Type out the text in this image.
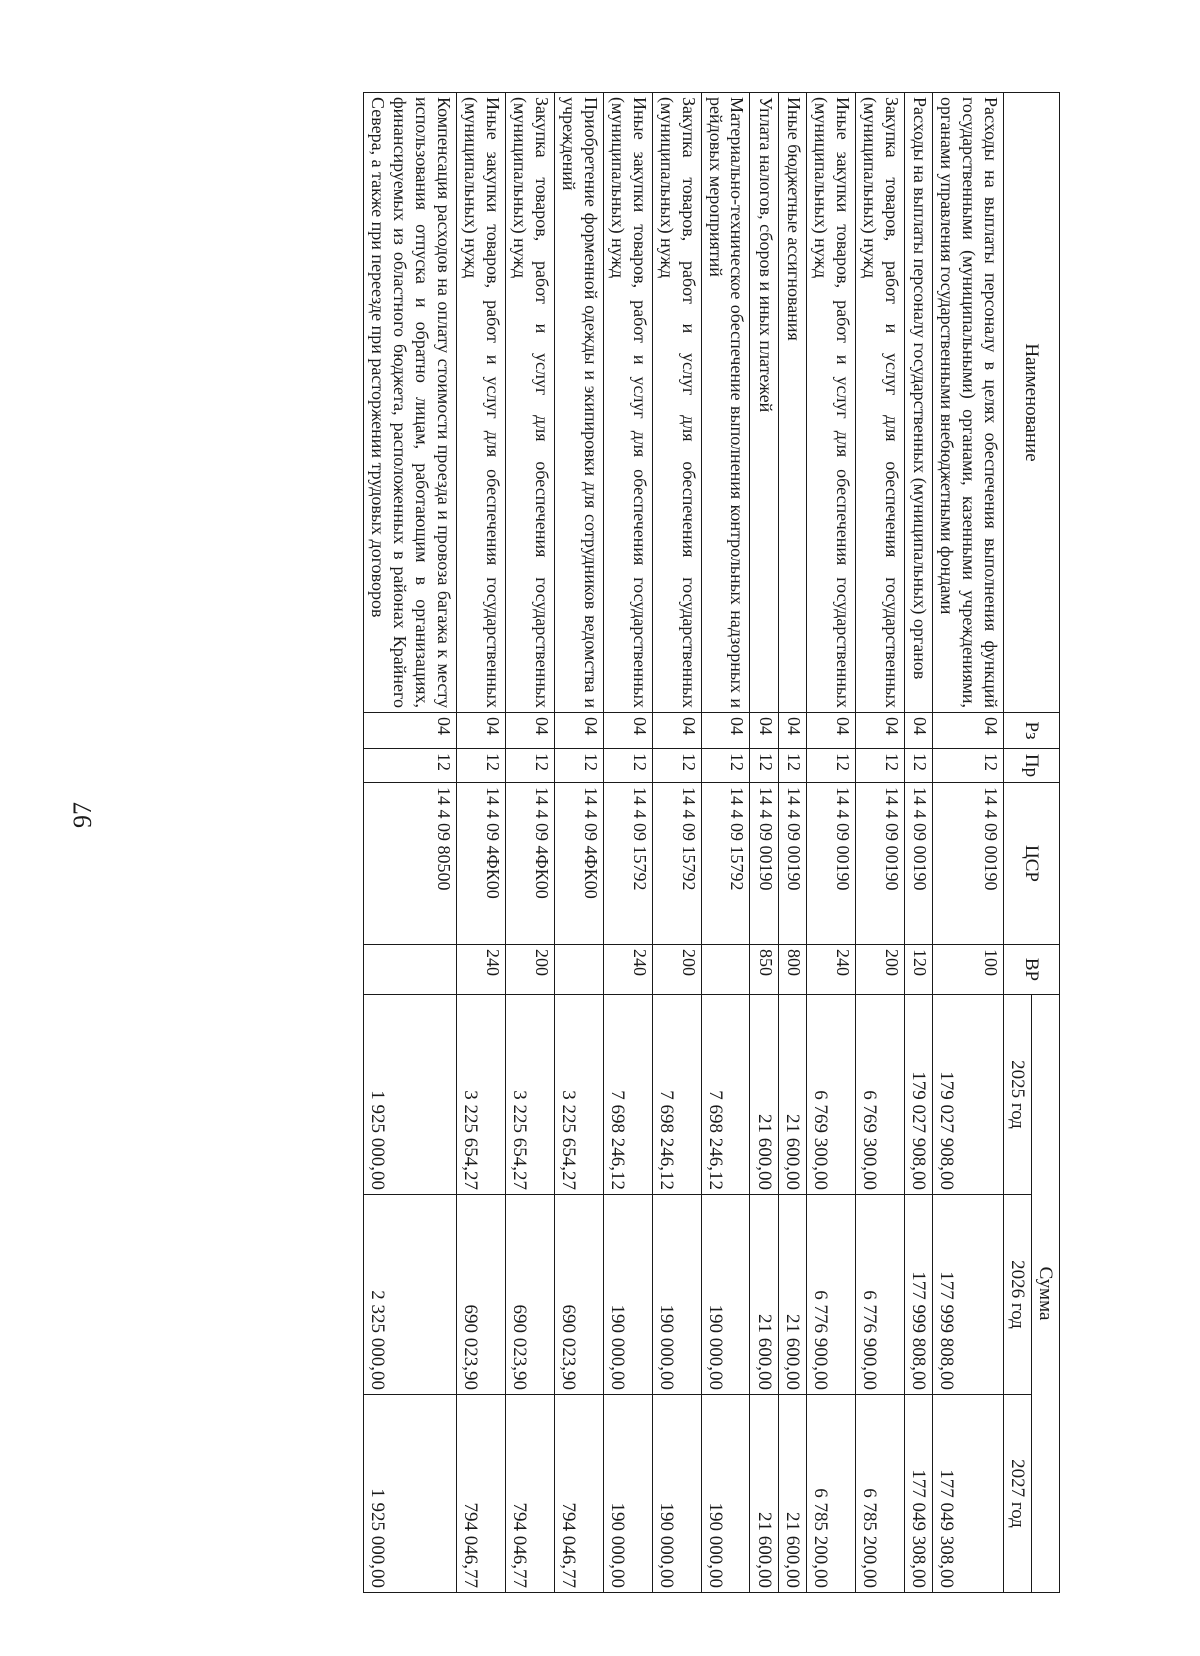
97
Наименование	Рз	Пр	ЦСР	ВР	Сумма		
					2025 год	2026 год	2027 год
Расходы на выплаты персоналу в целях обеспечения выполнения функций государственными (муниципальными) органами, казенными учреждениями, органами управления государственными внебюджетными фондами	04	12	14 4 09 00190	100	179 027 908,00	177 999 808,00	177 049 308,00
Расходы на выплаты персоналу государственных (муниципальных) органов	04	12	14 4 09 00190	120	179 027 908,00	177 999 808,00	177 049 308,00
Закупка товаров, работ и услуг для обеспечения государственных (муниципальных) нужд	04	12	14 4 09 00190	200	6 769 300,00	6 776 900,00	6 785 200,00
Иные закупки товаров, работ и услуг для обеспечения государственных (муниципальных) нужд	04	12	14 4 09 00190	240	6 769 300,00	6 776 900,00	6 785 200,00
Иные бюджетные ассигнования	04	12	14 4 09 00190	800	21 600,00	21 600,00	21 600,00
Уплата налогов, сборов и иных платежей	04	12	14 4 09 00190	850	21 600,00	21 600,00	21 600,00
Материально-техническое обеспечение выполнения контрольных надзорных и рейдовых мероприятий	04	12	14 4 09 15792		7 698 246,12	190 000,00	190 000,00
Закупка товаров, работ и услуг для обеспечения государственных (муниципальных) нужд	04	12	14 4 09 15792	200	7 698 246,12	190 000,00	190 000,00
Иные закупки товаров, работ и услуг для обеспечения государственных (муниципальных) нужд	04	12	14 4 09 15792	240	7 698 246,12	190 000,00	190 000,00
Приобретение форменной одежды и экипировки для сотрудников ведомства и учреждений	04	12	14 4 09 4ФК00		3 225 654,27	690 023,90	794 046,77
Закупка товаров, работ и услуг для обеспечения государственных (муниципальных) нужд	04	12	14 4 09 4ФК00	200	3 225 654,27	690 023,90	794 046,77
Иные закупки товаров, работ и услуг для обеспечения государственных (муниципальных) нужд	04	12	14 4 09 4ФК00	240	3 225 654,27	690 023,90	794 046,77
Компенсация расходов на оплату стоимости проезда и провоза багажа к месту использования отпуска и обратно лицам, работающим в организациях, финансируемых из областного бюджета, расположенных в районах Крайнего Севера, а также при переезде при расторжении трудовых договоров	04	12	14 4 09 80500		1 925 000,00	2 325 000,00	1 925 000,00
